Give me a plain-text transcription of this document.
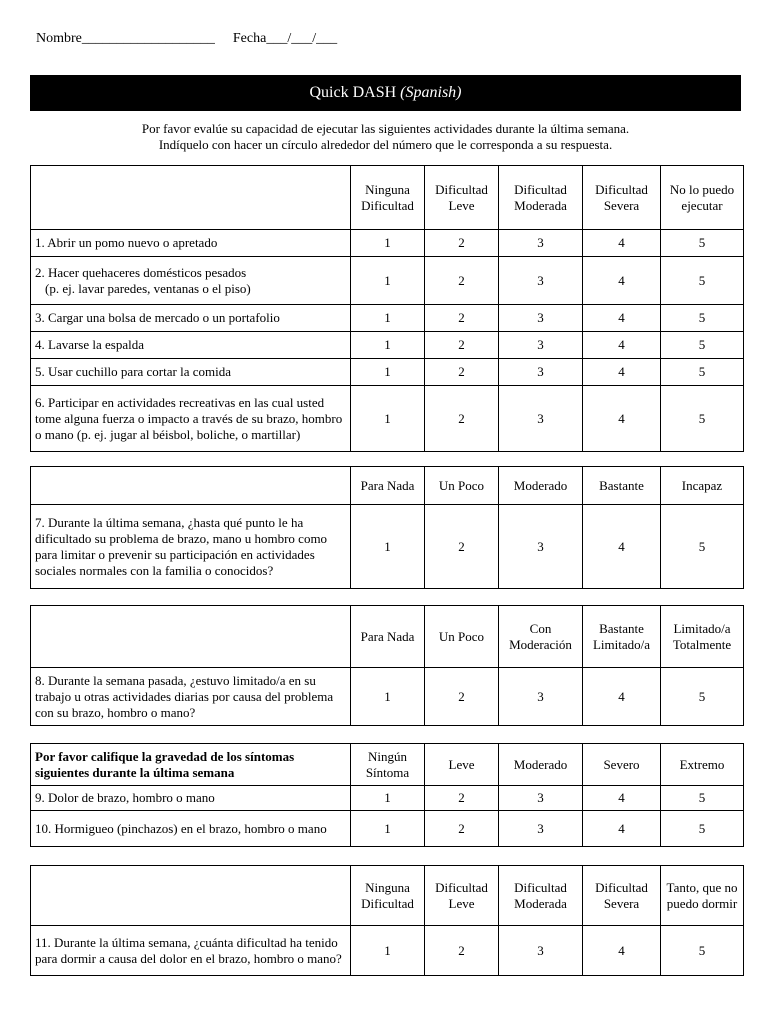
Nombre___________________ Fecha___/___/___
Quick DASH (Spanish)
Por favor evalúe su capacidad de ejecutar las siguientes actividades durante la última semana.
Indíquelo con hacer un círculo alrededor del número que le corresponda a su respuesta.
	Ninguna Dificultad	Dificultad Leve	Dificultad Moderada	Dificultad Severa	No lo puedo ejecutar
1. Abrir un pomo nuevo o apretado	1	2	3	4	5

2. Hacer quehaceres domésticos pesados
(p. ej. lavar paredes, ventanas o el piso)	1	2	3	4	5
3. Cargar una bolsa de mercado o un portafolio	1	2	3	4	5
4. Lavarse la espalda	1	2	3	4	5
5. Usar cuchillo para cortar la comida	1	2	3	4	5
6. Participar en actividades recreativas en las cual usted tome alguna fuerza o impacto a través de su brazo, hombro o mano (p. ej. jugar al béisbol, boliche, o martillar)	1	2	3	4	5
	Para Nada	Un Poco	Moderado	Bastante	Incapaz
7. Durante la última semana, ¿hasta qué punto le ha dificultado su problema de brazo, mano u hombro como para limitar o prevenir su participación en actividades sociales normales con la familia o conocidos?	1	2	3	4	5
	Para Nada	Un Poco	Con Moderación	Bastante Limitado/a	Limitado/a Totalmente
8. Durante la semana pasada, ¿estuvo limitado/a en su trabajo u otras actividades diarias por causa del problema con su brazo, hombro o mano?	1	2	3	4	5
Por favor califique la gravedad de los síntomas siguientes durante la última semana	Ningún Síntoma	Leve	Moderado	Severo	Extremo
9. Dolor de brazo, hombro o mano	1	2	3	4	5
10. Hormigueo (pinchazos) en el brazo, hombro o mano	1	2	3	4	5
	Ninguna Dificultad	Dificultad Leve	Dificultad Moderada	Dificultad Severa	Tanto, que no puedo dormir
11. Durante la última semana, ¿cuánta dificultad ha tenido para dormir a causa del dolor en el brazo, hombro o mano?	1	2	3	4	5
